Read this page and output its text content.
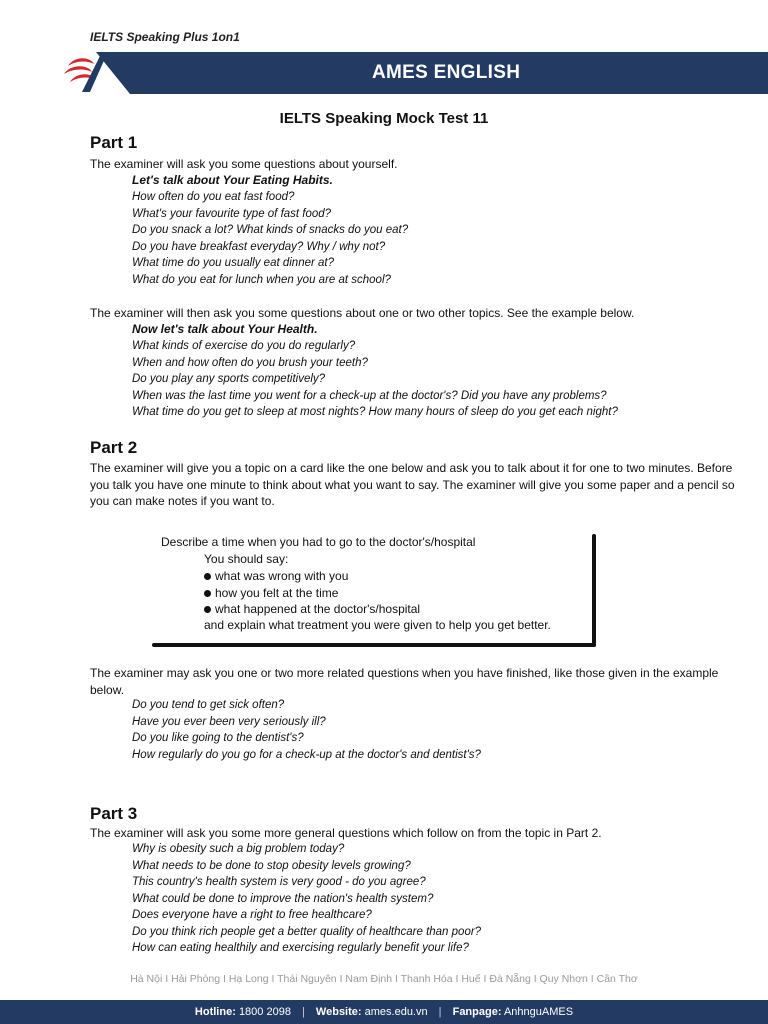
IELTS Speaking Plus 1on1
AMES ENGLISH
IELTS Speaking Mock Test 11
Part 1
The examiner will ask you some questions about yourself.
Let's talk about Your Eating Habits.
How often do you eat fast food?
What's your favourite type of fast food?
Do you snack a lot? What kinds of snacks do you eat?
Do you have breakfast everyday? Why / why not?
What time do you usually eat dinner at?
What do you eat for lunch when you are at school?
The examiner will then ask you some questions about one or two other topics. See the example below.
Now let's talk about Your Health.
What kinds of exercise do you do regularly?
When and how often do you brush your teeth?
Do you play any sports competitively?
When was the last time you went for a check-up at the doctor's? Did you have any problems?
What time do you get to sleep at most nights? How many hours of sleep do you get each night?
Part 2
The examiner will give you a topic on a card like the one below and ask you to talk about it for one to two minutes. Before you talk you have one minute to think about what you want to say. The examiner will give you some paper and a pencil so you can make notes if you want to.
Describe a time when you had to go to the doctor's/hospital
You should say:
what was wrong with you
how you felt at the time
what happened at the doctor's/hospital
and explain what treatment you were given to help you get better.
The examiner may ask you one or two more related questions when you have finished, like those given in the example below.
Do you tend to get sick often?
Have you ever been very seriously ill?
Do you like going to the dentist's?
How regularly do you go for a check-up at the doctor's and dentist's?
Part 3
The examiner will ask you some more general questions which follow on from the topic in Part 2.
Why is obesity such a big problem today?
What needs to be done to stop obesity levels growing?
This country's health system is very good - do you agree?
What could be done to improve the nation's health system?
Does everyone have a right to free healthcare?
Do you think rich people get a better quality of healthcare than poor?
How can eating healthily and exercising regularly benefit your life?
Hà Nội I Hải Phòng I Hạ Long I Thái Nguyên I Nam Định I Thanh Hóa I Huế I Đà Nẵng I Quy Nhơn I Cần Thơ
Hotline: 1800 2098 | Website: ames.edu.vn | Fanpage: AnhnguAMES
